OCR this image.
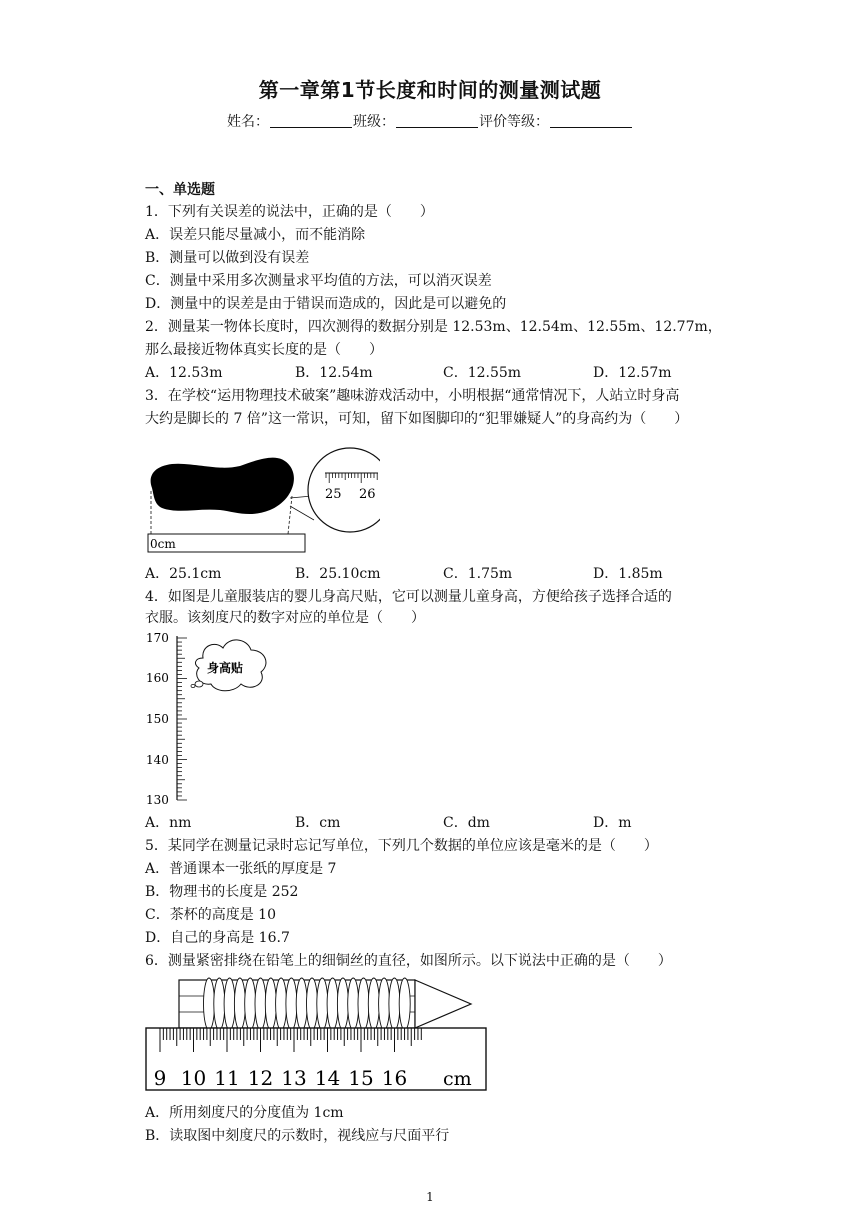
第一章第1节长度和时间的测量测试题
姓名：	班级：	评价等级：
一、单选题
1．下列有关误差的说法中，正确的是（　　）
A．误差只能尽量减小，而不能消除
B．测量可以做到没有误差
C．测量中采用多次测量求平均值的方法，可以消灭误差
D．测量中的误差是由于错误而造成的，因此是可以避免的
2．测量某一物体长度时，四次测得的数据分别是 12.53m、12.54m、12.55m、12.77m，
那么最接近物体真实长度的是（　　）
A．12.53m	B．12.54m	C．12.55m	D．12.57m
3．在学校“运用物理技术破案”趣味游戏活动中，小明根据“通常情况下，人站立时身高
大约是脚长的 7 倍”这一常识，可知，留下如图脚印的“犯罪嫌疑人”的身高约为（　　）
0cm
25 26
A．25.1cm	B．25.10cm	C．1.75m	D．1.85m
4．如图是儿童服装店的婴儿身高尺贴，它可以测量儿童身高，方便给孩子选择合适的
衣服。该刻度尺的数字对应的单位是（　　）
170
160
150
140
130
身高贴
A．nm	B．cm	C．dm	D．m
5．某同学在测量记录时忘记写单位，下列几个数据的单位应该是毫米的是（　　）
A．普通课本一张纸的厚度是 7
B．物理书的长度是 252
C．茶杯的高度是 10
D．自己的身高是 16.7
6．测量紧密排绕在铅笔上的细铜丝的直径，如图所示。以下说法中正确的是（　　）
9 10 11 12 13 14 15 16 cm
A．所用刻度尺的分度值为 1cm
B．读取图中刻度尺的示数时，视线应与尺面平行
1
